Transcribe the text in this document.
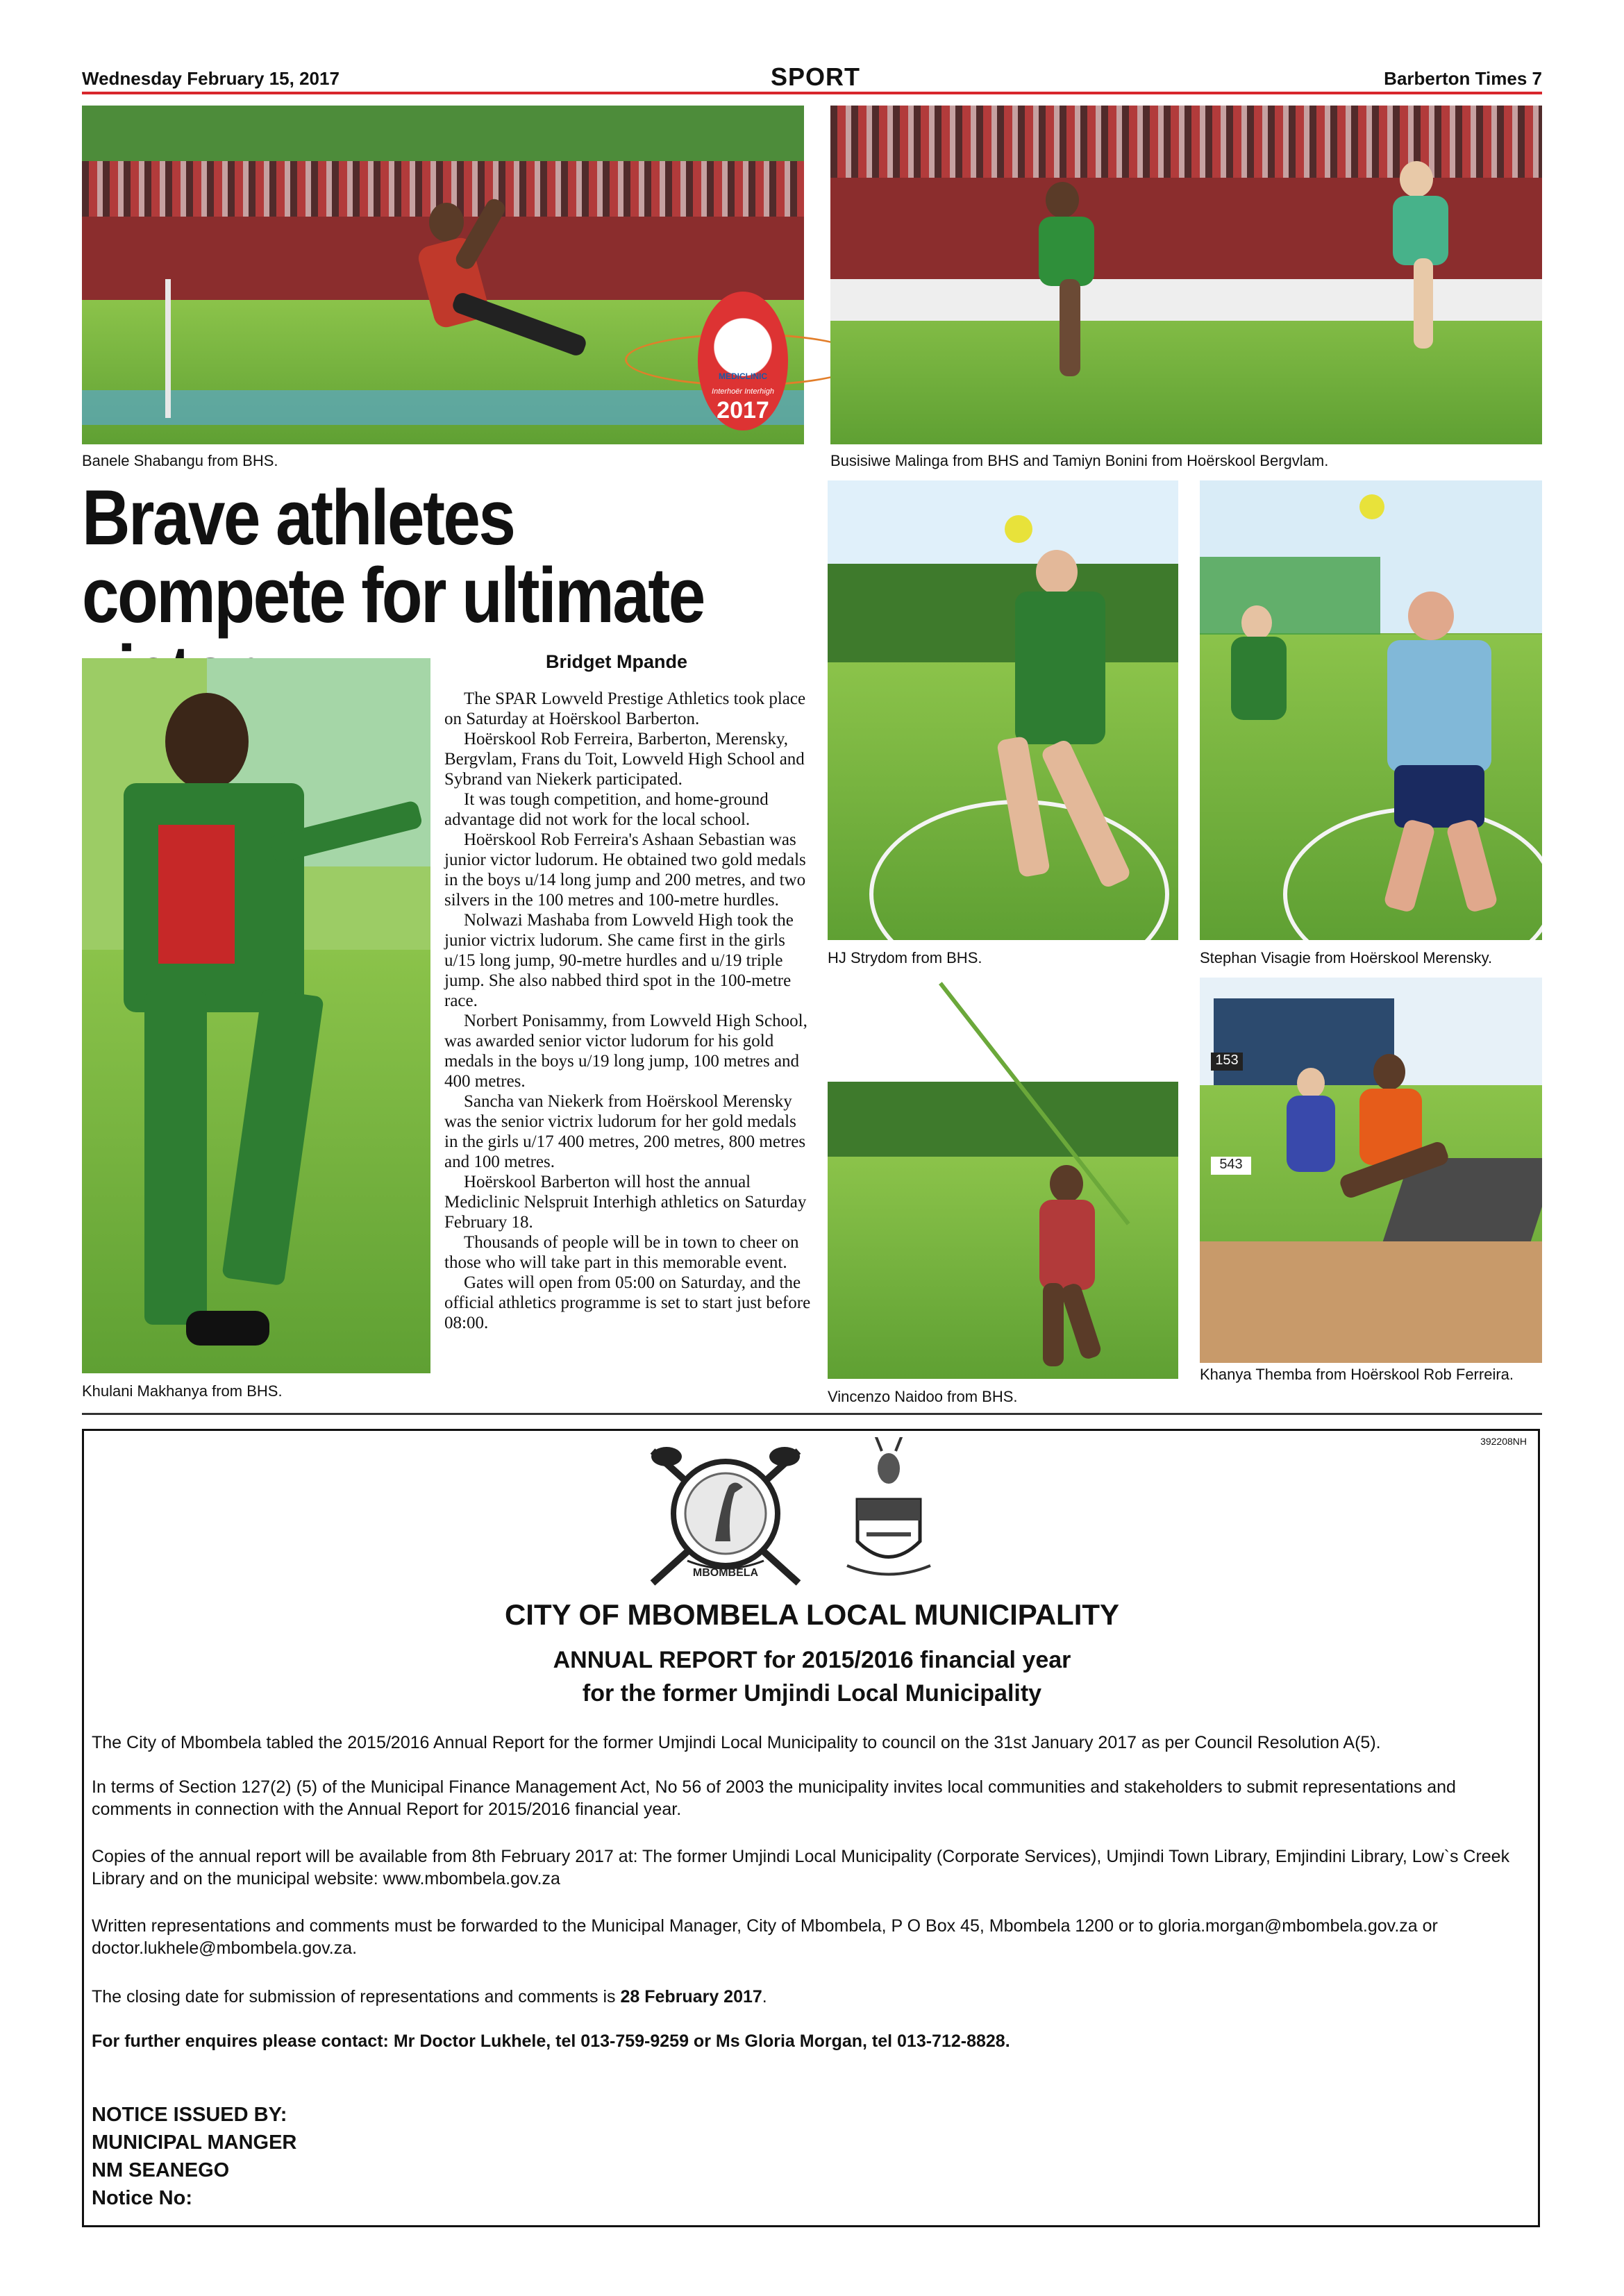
Wednesday February 15, 2017	SPORT	Barberton Times 7
MEDICLINIC
Interhoër Interhigh
2017
Banele Shabangu from BHS.	Busisiwe Malinga from BHS and Tamiyn Bonini from Hoërskool Bergvlam.
Brave athletes compete for ultimate
Khulani Makhanya from BHS.
Bridget Mpande

The SPAR Lowveld Prestige Athletics took place on Saturday at Hoërskool Barberton.

Hoërskool Rob Ferreira, Barberton, Merensky, Bergvlam, Frans du Toit, Lowveld High School and Sybrand van Niekerk participated.

It was tough competition, and home-ground advantage did not work for the local school.

Hoërskool Rob Ferreira's Ashaan Sebastian was junior victor ludorum. He obtained two gold medals in the boys u/14 long jump and 200 metres, and two silvers in the 100 metres and 100-metre hurdles.

Nolwazi Mashaba from Lowveld High took the junior victrix ludorum. She came first in the girls u/15 long jump, 90-metre hurdles and u/19 triple jump. She also nabbed third spot in the 100-metre race.

Norbert Ponisammy, from Lowveld High School, was awarded senior victor ludorum for his gold medals in the boys u/19 long jump, 100 metres and 400 metres.

Sancha van Niekerk from Hoërskool Merensky was the senior victrix ludorum for her gold medals in the girls u/17 400 metres, 200 metres, 800 metres and 100 metres.

Hoërskool Barberton will host the annual Mediclinic Nelspruit Interhigh athletics on Saturday February 18.

Thousands of people will be in town to cheer on those who will take part in this memorable event.

Gates will open from 05:00 on Saturday, and the official athletics programme is set to start just before 08:00.

HJ Strydom from BHS.	Stephan Visagie from Hoërskool Merensky.
Vincenzo Naidoo from BHS.
153
543
Khanya Themba from Hoërskool Rob Ferreira.
392208NH
MBOMBELA
CITY OF MBOMBELA LOCAL MUNICIPALITY
ANNUAL REPORT for 2015/2016 financial year
for the former Umjindi Local Municipality
The City of Mbombela tabled the 2015/2016 Annual Report for the former Umjindi Local Municipality to council on the 31st January 2017 as per Council Resolution A(5).
In terms of Section 127(2) (5) of the Municipal Finance Management Act, No 56 of 2003 the municipality invites local communities and stakeholders to submit representations and comments in connection with the Annual Report for 2015/2016 financial year.
Copies of the annual report will be available from 8th February 2017 at: The former Umjindi Local Municipality (Corporate Services), Umjindi Town Library, Emjindini Library, Low`s Creek Library and on the municipal website: www.mbombela.gov.za
Written representations and comments must be forwarded to the Municipal Manager, City of Mbombela, P O Box 45, Mbombela 1200 or to gloria.morgan@mbombela.gov.za or doctor.lukhele@mbombela.gov.za.
The closing date for submission of representations and comments is 28 February 2017.
For further enquires please contact: Mr Doctor Lukhele, tel 013-759-9259 or Ms Gloria Morgan, tel 013-712-8828.
NOTICE ISSUED BY:
MUNICIPAL MANGER
NM SEANEGO
Notice No:
